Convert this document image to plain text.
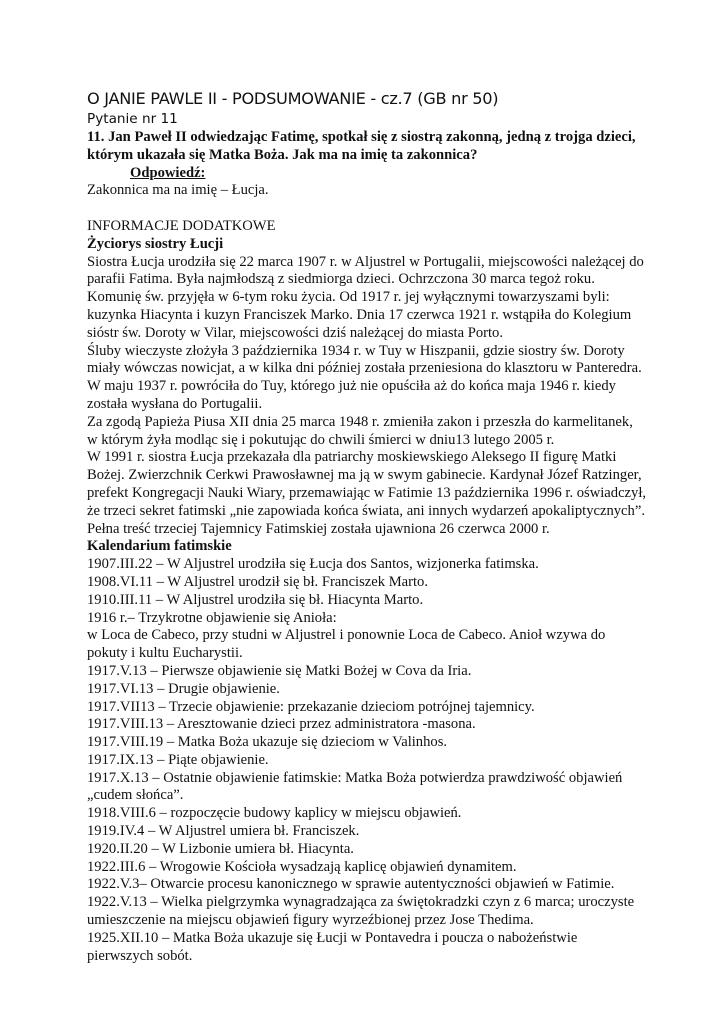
O JANIE PAWLE II - PODSUMOWANIE - cz.7 (GB nr 50)

Pytanie nr 11

11. Jan Paweł II odwiedzając Fatimę, spotkał się z siostrą zakonną, jedną z trojga dzieci, którym ukazała się Matka Boża. Jak ma na imię ta zakonnica?

Odpowiedź:

Zakonnica ma na imię – Łucja.

INFORMACJE DODATKOWE

Życiorys siostry Łucji

Siostra Łucja urodziła się 22 marca 1907 r. w Aljustrel w Portugalii, miejscowości należącej do parafii Fatima. Była najmłodszą z siedmiorga dzieci. Ochrzczona 30 marca tegoż roku. Komunię św. przyjęła w 6-tym roku życia. Od 1917 r. jej wyłącznymi towarzyszami byli: kuzynka Hiacynta i kuzyn Franciszek Marko. Dnia 17 czerwca 1921 r. wstąpiła do Kolegium sióstr św. Doroty w Vilar, miejscowości dziś należącej do miasta Porto.

Śluby wieczyste złożyła 3 października 1934 r. w Tuy w Hiszpanii, gdzie siostry św. Doroty miały wówczas nowicjat, a w kilka dni później została przeniesiona do klasztoru w Panteredra. W maju 1937 r. powróciła do Tuy, którego już nie opuściła aż do końca maja 1946 r. kiedy została wysłana do Portugalii.

Za zgodą Papieża Piusa XII dnia 25 marca 1948 r. zmieniła zakon i przeszła do karmelitanek, w którym żyła modląc się i pokutując do chwili śmierci w dniu13 lutego 2005 r.

W 1991 r. siostra Łucja przekazała dla patriarchy moskiewskiego Aleksego II figurę Matki Bożej. Zwierzchnik Cerkwi Prawosławnej ma ją w swym gabinecie. Kardynał Józef Ratzinger, prefekt Kongregacji Nauki Wiary, przemawiając w Fatimie 13 października 1996 r. oświadczył, że trzeci sekret fatimski „nie zapowiada końca świata, ani innych wydarzeń apokaliptycznych”. Pełna treść trzeciej Tajemnicy Fatimskiej została ujawniona 26 czerwca 2000 r.

Kalendarium fatimskie

1907.III.22 – W Aljustrel urodziła się Łucja dos Santos, wizjonerka fatimska.

1908.VI.11 – W Aljustrel urodził się bł. Franciszek Marto.

1910.III.11 – W Aljustrel urodziła się bł. Hiacynta Marto.

1916 r.– Trzykrotne objawienie się Anioła:

w Loca de Cabeco, przy studni w Aljustrel i ponownie Loca de Cabeco. Anioł wzywa do pokuty i kultu Eucharystii.

1917.V.13 – Pierwsze objawienie się Matki Bożej w Cova da Iria.

1917.VI.13 – Drugie objawienie.

1917.VII13 – Trzecie objawienie: przekazanie dzieciom potrójnej tajemnicy.

1917.VIII.13 – Aresztowanie dzieci przez administratora -masona.

1917.VIII.19 – Matka Boża ukazuje się dzieciom w Valinhos.

1917.IX.13 – Piąte objawienie.

1917.X.13 – Ostatnie objawienie fatimskie: Matka Boża potwierdza prawdziwość objawień „cudem słońca”.

1918.VIII.6 – rozpoczęcie budowy kaplicy w miejscu objawień.

1919.IV.4 – W Aljustrel umiera bł. Franciszek.

1920.II.20 – W Lizbonie umiera bł. Hiacynta.

1922.III.6 – Wrogowie Kościoła wysadzają kaplicę objawień dynamitem.

1922.V.3– Otwarcie procesu kanonicznego w sprawie autentyczności objawień w Fatimie.

1922.V.13 – Wielka pielgrzymka wynagradzająca za świętokradzki czyn z 6 marca; uroczyste umieszczenie na miejscu objawień figury wyrzeźbionej przez Jose Thedima.

1925.XII.10 – Matka Boża ukazuje się Łucji w Pontavedra i poucza o nabożeństwie pierwszych sobót.
